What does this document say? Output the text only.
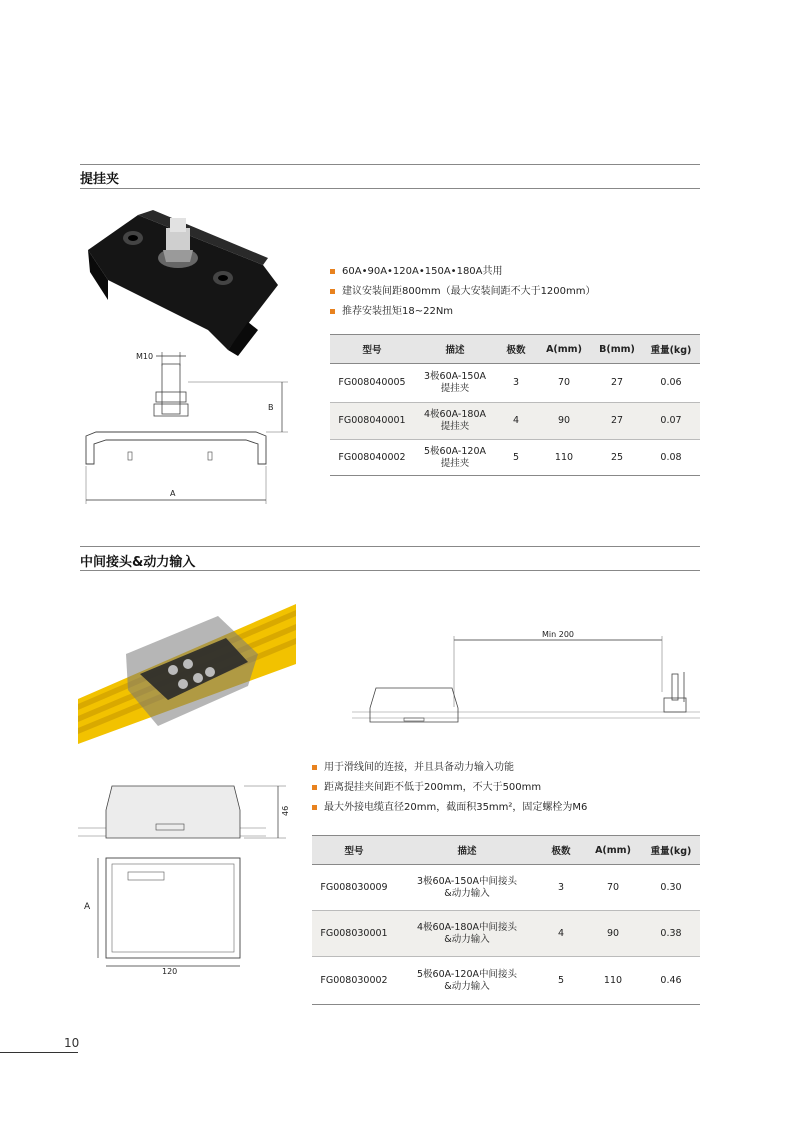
提挂夹
M10
B
A
60A•90A•120A•150A•180A共用
建议安装间距800mm（最大安装间距不大于1200mm）
推荐安装扭矩18~22Nm
型号	描述	极数	A(mm)	B(mm)	重量(kg)
FG008040005	3极60A-150A
提挂夹	3	70	27	0.06
FG008040001	4极60A-180A
提挂夹	4	90	27	0.07
FG008040002	5极60A-120A
提挂夹	5	110	25	0.08
中间接头&动力输入
Min 200
用于滑线间的连接，并且具备动力输入功能
距离提挂夹间距不低于200mm，不大于500mm
最大外接电缆直径20mm，截面积35mm²，固定螺栓为M6
46
A
120
型号	描述	极数	A(mm)	重量(kg)
FG008030009	3极60A-150A中间接头
&动力输入	3	70	0.30
FG008030001	4极60A-180A中间接头
&动力输入	4	90	0.38
FG008030002	5极60A-120A中间接头
&动力输入	5	110	0.46
10
